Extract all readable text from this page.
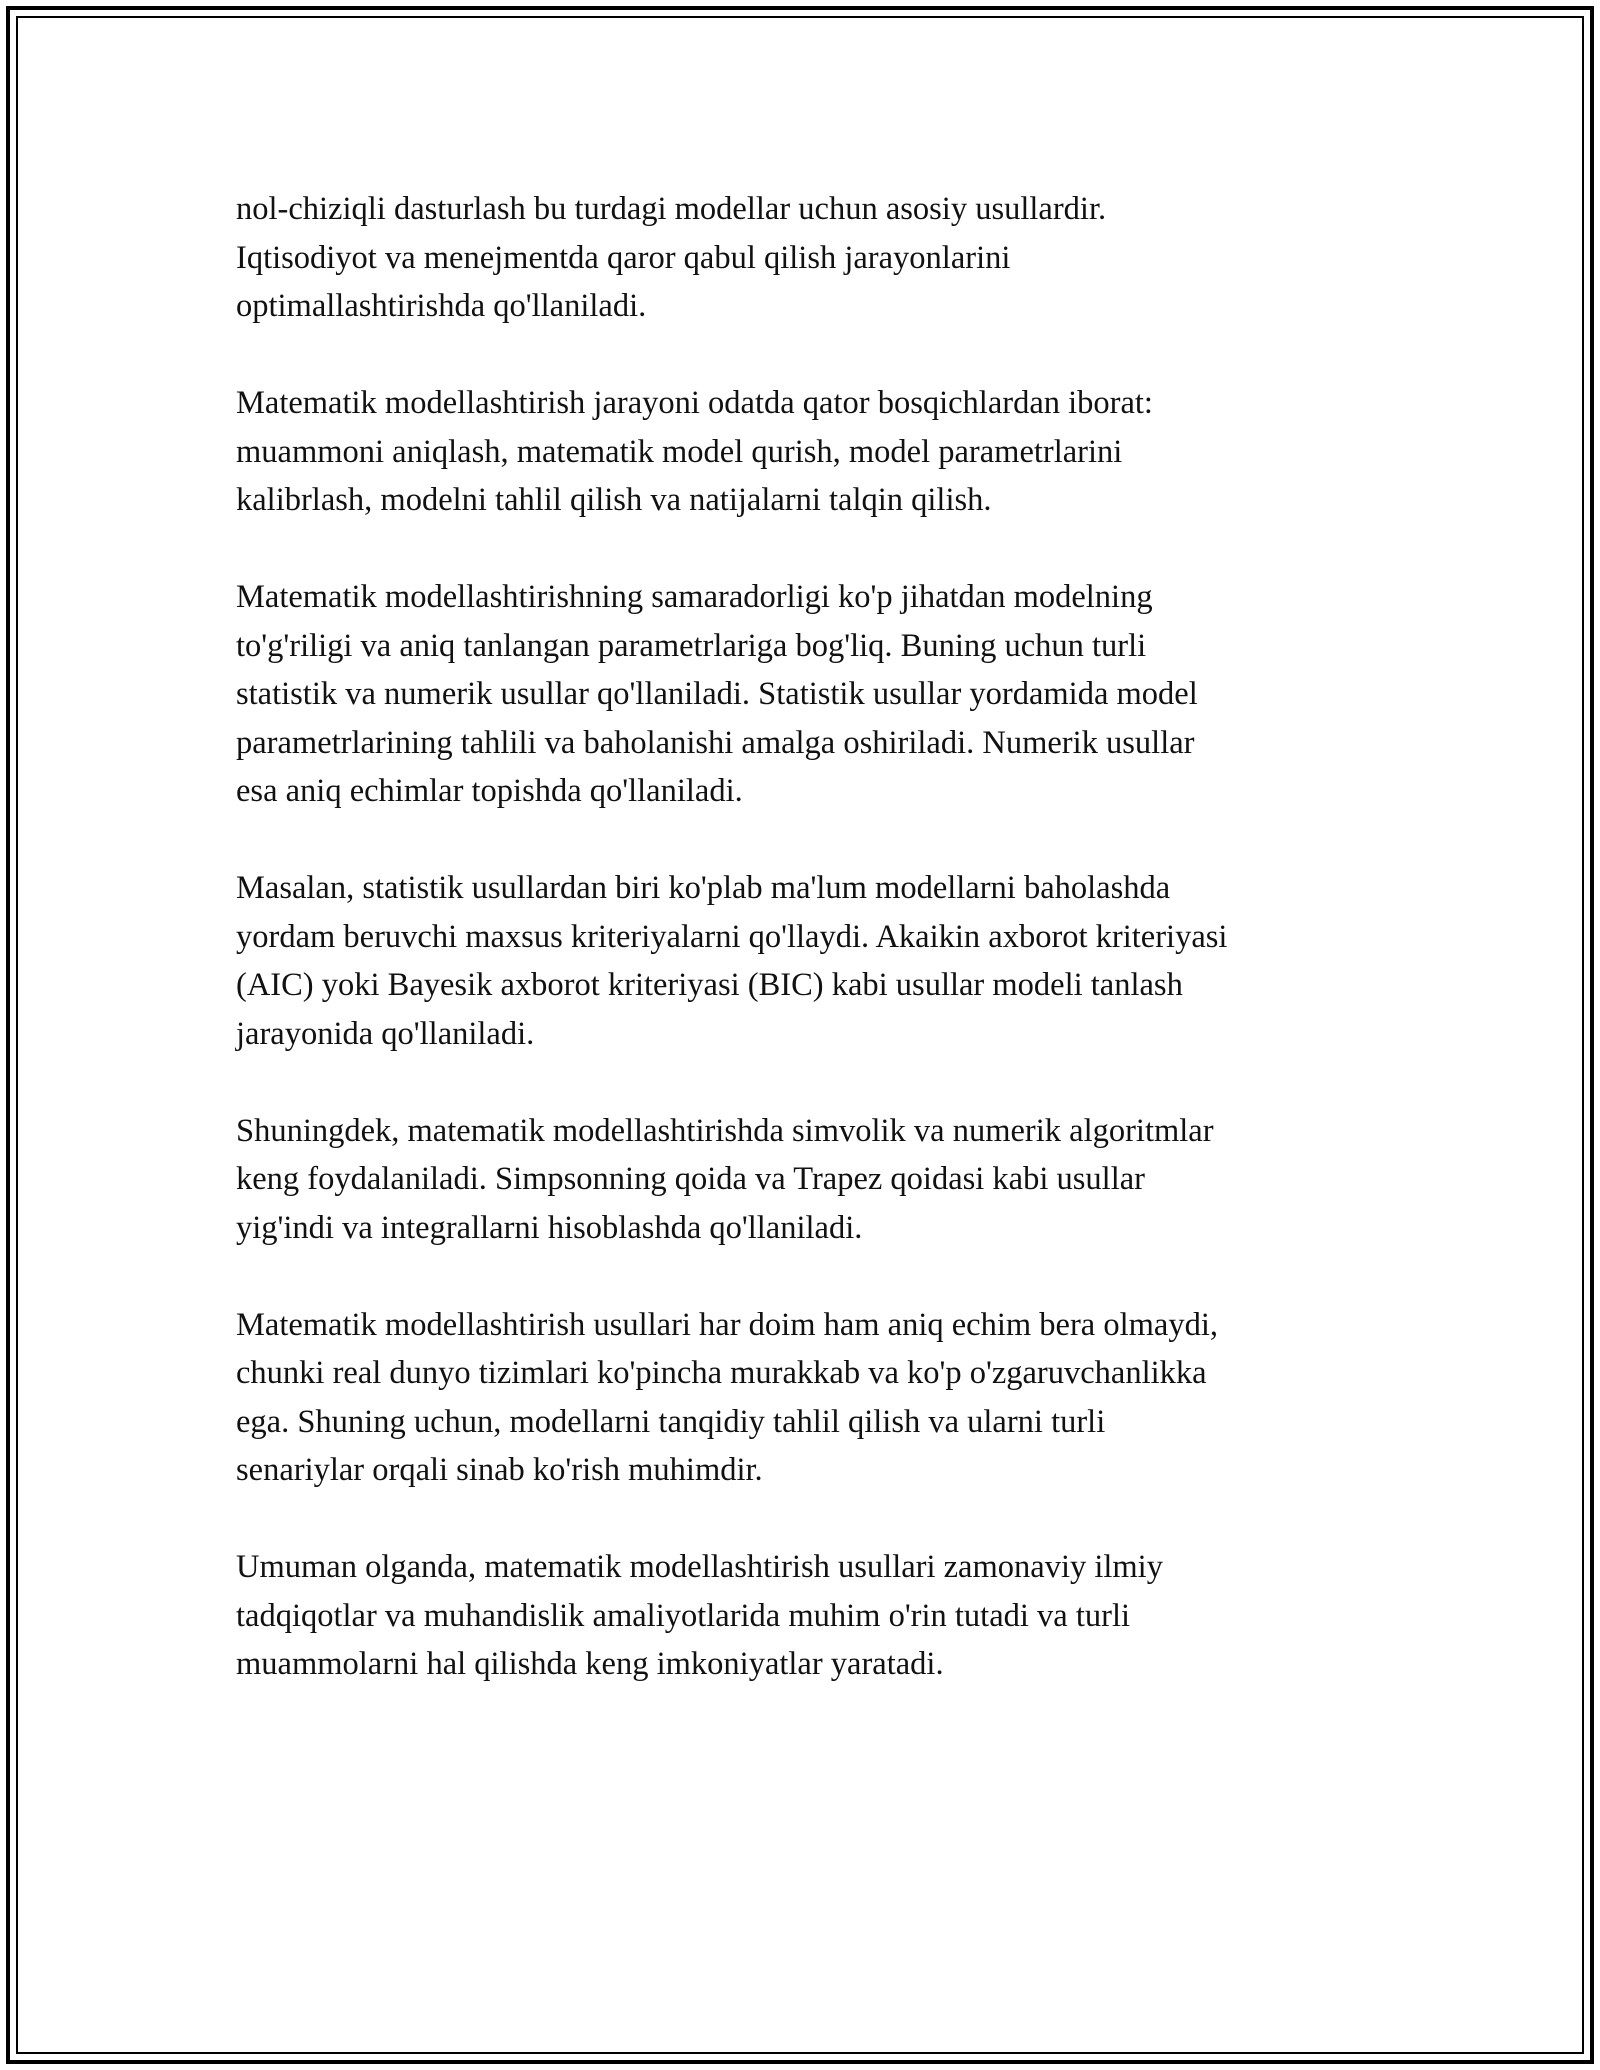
nol-chiziqli dasturlash bu turdagi modellar uchun asosiy usullardir.
Iqtisodiyot va menejmentda qaror qabul qilish jarayonlarini
optimallashtirishda qo'llaniladi.

Matematik modellashtirish jarayoni odatda qator bosqichlardan iborat:
muammoni aniqlash, matematik model qurish, model parametrlarini
kalibrlash, modelni tahlil qilish va natijalarni talqin qilish.

Matematik modellashtirishning samaradorligi ko'p jihatdan modelning
to'g'riligi va aniq tanlangan parametrlariga bog'liq. Buning uchun turli
statistik va numerik usullar qo'llaniladi. Statistik usullar yordamida model
parametrlarining tahlili va baholanishi amalga oshiriladi. Numerik usullar
esa aniq echimlar topishda qo'llaniladi.

Masalan, statistik usullardan biri ko'plab ma'lum modellarni baholashda
yordam beruvchi maxsus kriteriyalarni qo'llaydi. Akaikin axborot kriteriyasi
(AIC) yoki Bayesik axborot kriteriyasi (BIC) kabi usullar modeli tanlash
jarayonida qo'llaniladi.

Shuningdek, matematik modellashtirishda simvolik va numerik algoritmlar
keng foydalaniladi. Simpsonning qoida va Trapez qoidasi kabi usullar
yig'indi va integrallarni hisoblashda qo'llaniladi.

Matematik modellashtirish usullari har doim ham aniq echim bera olmaydi,
chunki real dunyo tizimlari ko'pincha murakkab va ko'p o'zgaruvchanlikka
ega. Shuning uchun, modellarni tanqidiy tahlil qilish va ularni turli
senariylar orqali sinab ko'rish muhimdir.

Umuman olganda, matematik modellashtirish usullari zamonaviy ilmiy
tadqiqotlar va muhandislik amaliyotlarida muhim o'rin tutadi va turli
muammolarni hal qilishda keng imkoniyatlar yaratadi.
